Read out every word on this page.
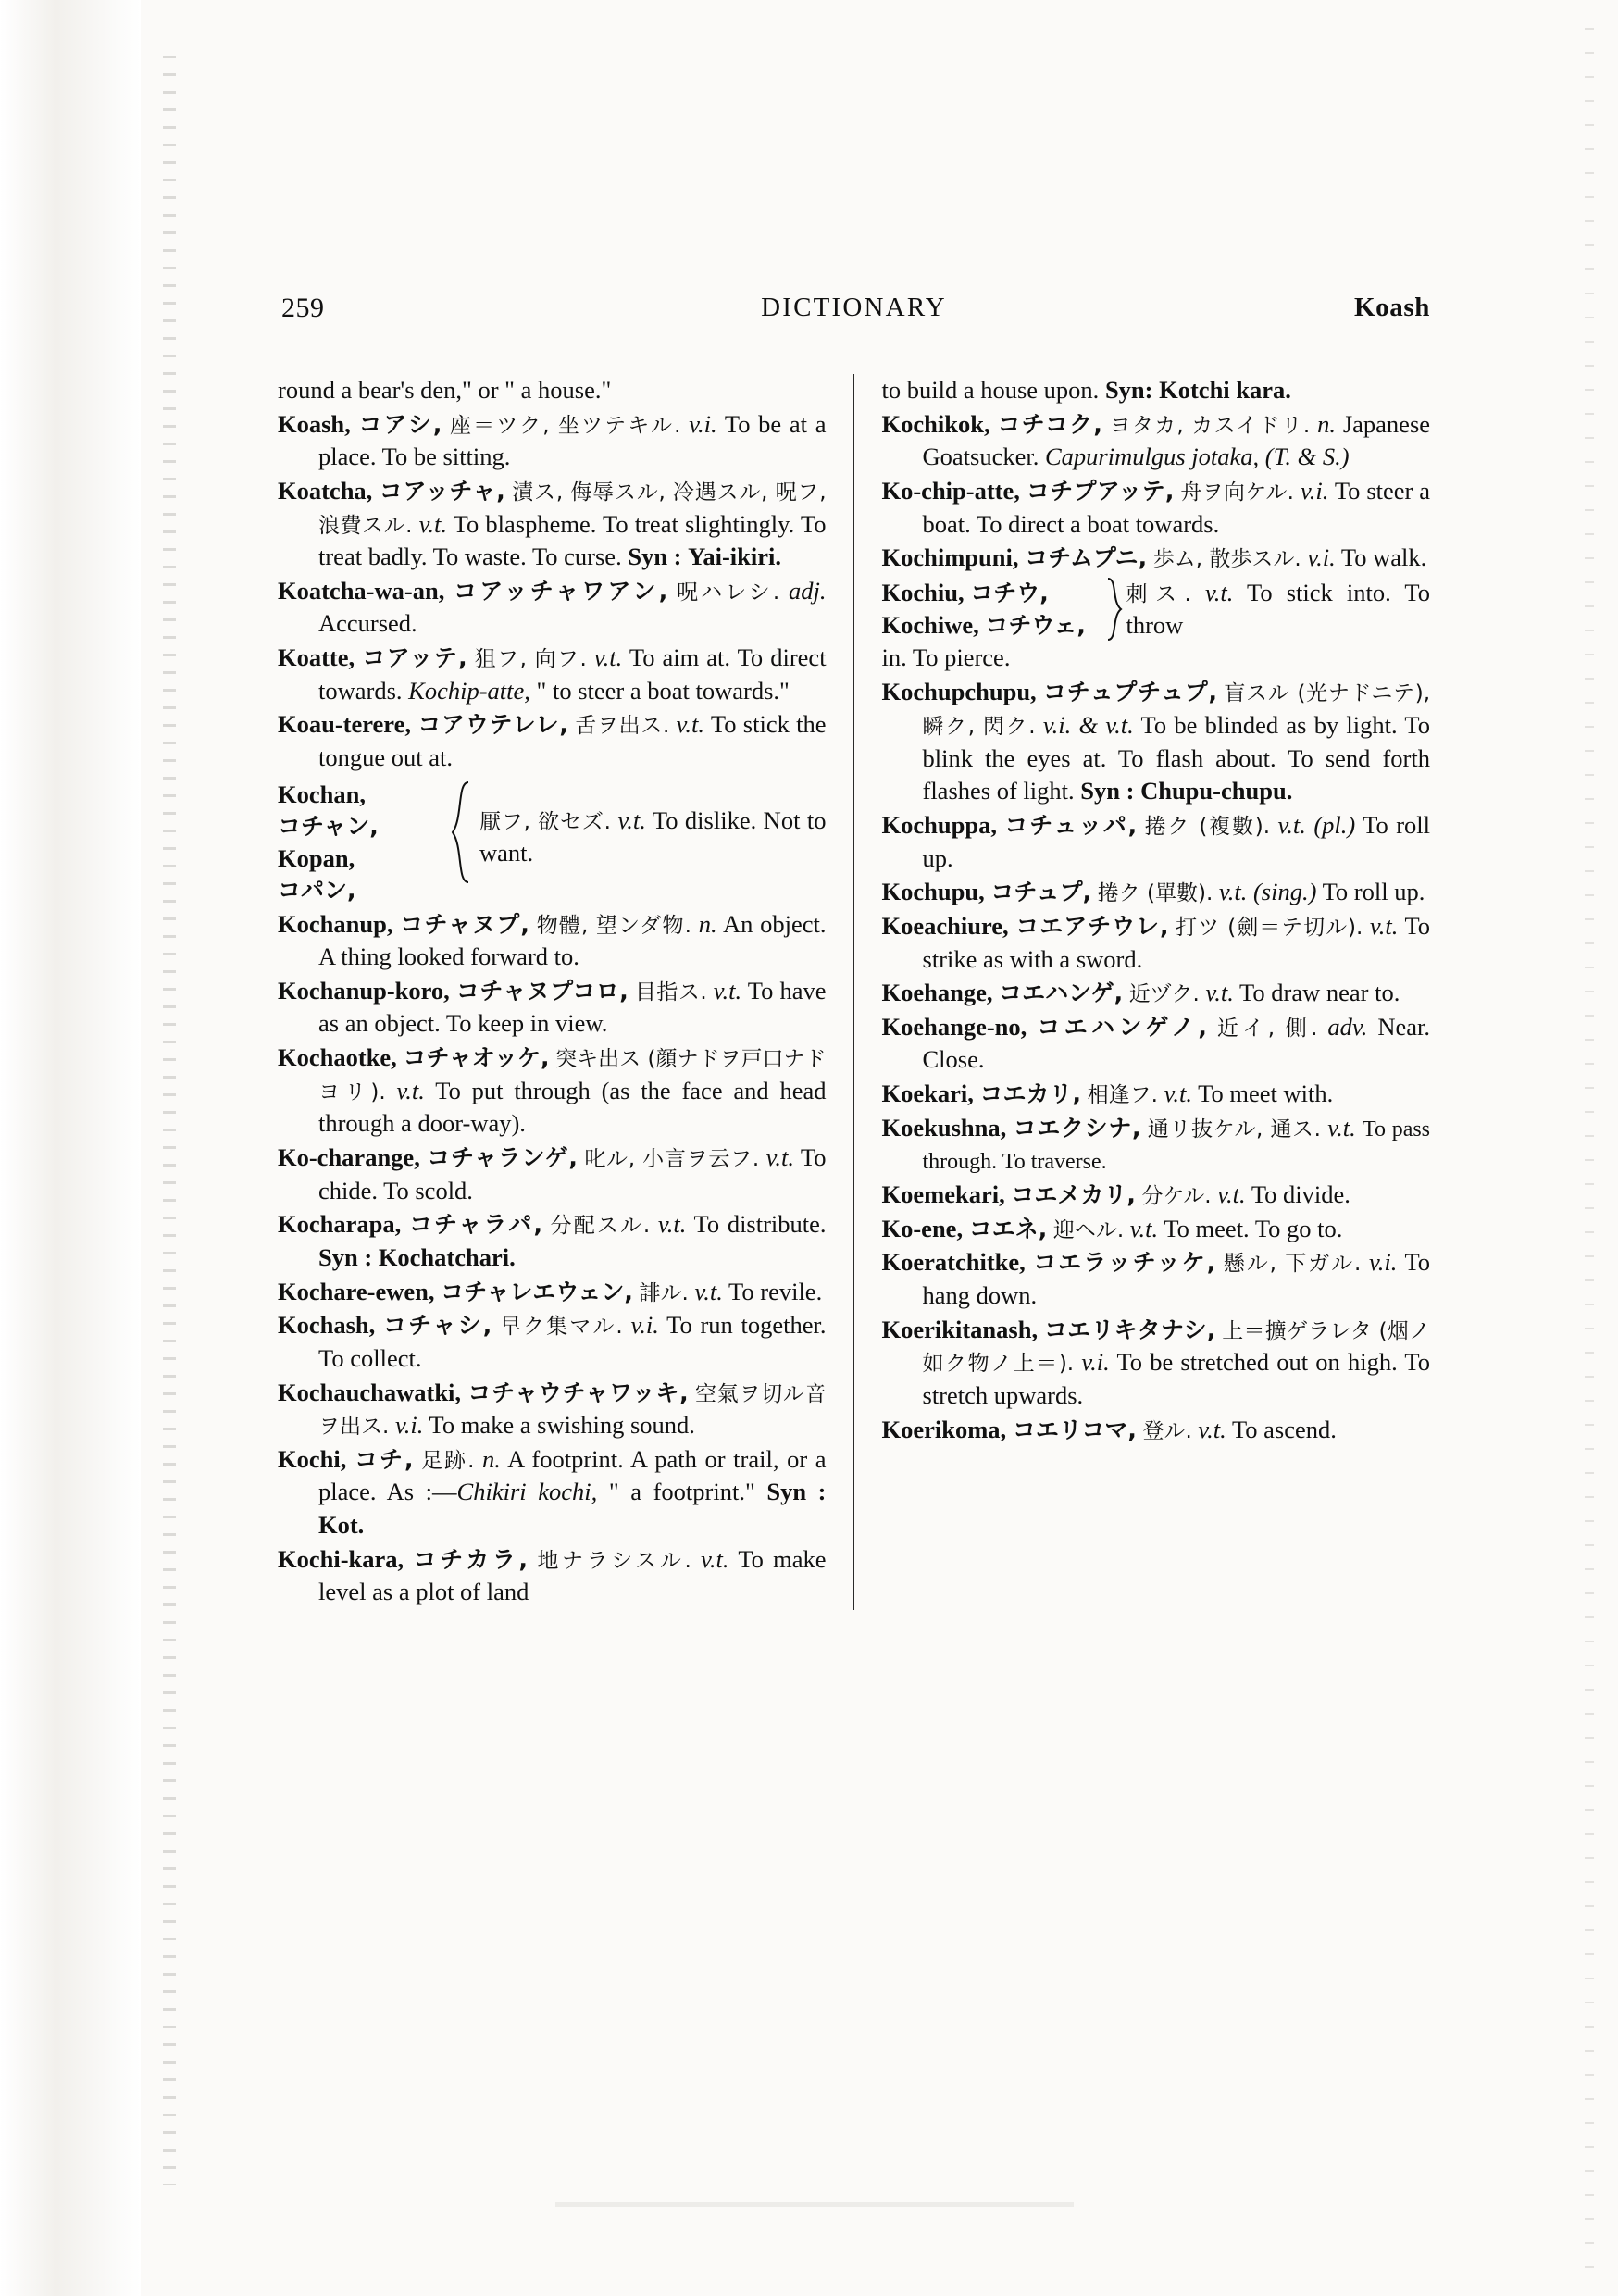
259	DICTIONARY	Koash

round a bear's den," or " a house."

Koash, コアシ, 座＝ツク, 坐ツテキル. v.i. To be at a place. To be sitting.

Koatcha, コアッチャ, 漬ス, 侮辱スル, 冷遇スル, 呪フ, 浪費スル. v.t. To blaspheme. To treat slightingly. To treat badly. To waste. To curse. Syn : Yai-ikiri.

Koatcha-wa-an, コアッチャワアン, 呪ハレシ. adj. Accursed.

Koatte, コアッテ, 狙フ, 向フ. v.t. To aim at. To direct towards. Kochip-atte, " to steer a boat towards."

Koau-terere, コアウテレレ, 舌ヲ出ス. v.t. To stick the tongue out at.

Kochan,
コチャン,
Kopan,
コパン,
厭フ, 欲セズ. v.t. To dislike. Not to want.

Kochanup, コチャヌプ, 物體, 望ンダ物. n. An object. A thing looked forward to.

Kochanup-koro, コチャヌプコロ, 目指ス. v.t. To have as an object. To keep in view.

Kochaotke, コチャオッケ, 突キ出ス (顔ナドヲ戸口ナドヨリ). v.t. To put through (as the face and head through a door-way).

Ko-charange, コチャランゲ, 叱ル, 小言ヲ云フ. v.t. To chide. To scold.

Kocharapa, コチャラパ, 分配スル. v.t. To distribute. Syn : Kochatchari.

Kochare-ewen, コチャレエウェン, 誹ル. v.t. To revile.

Kochash, コチャシ, 早ク集マル. v.i. To run together. To collect.

Kochauchawatki, コチャウチャワッキ, 空氣ヲ切ル音ヲ出ス. v.i. To make a swishing sound.

Kochi, コチ, 足跡. n. A footprint. A path or trail, or a place. As :—Chikiri kochi, " a footprint." Syn : Kot.

Kochi-kara, コチカラ, 地ナラシスル. v.t. To make level as a plot of land

to build a house upon. Syn: Kotchi kara.

Kochikok, コチコク, ヨタカ, カスイドリ. n. Japanese Goatsucker. Capurimulgus jotaka, (T. & S.)

Ko-chip-atte, コチプアッテ, 舟ヲ向ケル. v.i. To steer a boat. To direct a boat towards.

Kochimpuni, コチムプニ, 歩ム, 散歩スル. v.i. To walk.

Kochiu, コチウ,
Kochiwe, コチウェ,
刺ス. v.t. To stick into. To throw
in. To pierce.

Kochupchupu, コチュプチュプ, 盲スル (光ナドニテ), 瞬ク, 閃ク. v.i. & v.t. To be blinded as by light. To blink the eyes at. To flash about. To send forth flashes of light. Syn : Chupu-chupu.

Kochuppa, コチュッパ, 捲ク (複數). v.t. (pl.) To roll up.

Kochupu, コチュプ, 捲ク (單數). v.t. (sing.) To roll up.

Koeachiure, コエアチウレ, 打ツ (劍＝テ切ル). v.t. To strike as with a sword.

Koehange, コエハンゲ, 近ヅク. v.t. To draw near to.

Koehange-no, コエハンゲノ, 近イ, 側. adv. Near. Close.

Koekari, コエカリ, 相逢フ. v.t. To meet with.

Koekushna, コエクシナ, 通リ抜ケル, 通ス. v.t. To pass through. To traverse.

Koemekari, コエメカリ, 分ケル. v.t. To divide.

Ko-ene, コエネ, 迎ヘル. v.t. To meet. To go to.

Koeratchitke, コエラッチッケ, 懸ル, 下ガル. v.i. To hang down.

Koerikitanash, コエリキタナシ, 上＝擴ゲラレタ (烟ノ如ク物ノ上＝). v.i. To be stretched out on high. To stretch upwards.

Koerikoma, コエリコマ, 登ル. v.t. To ascend.
